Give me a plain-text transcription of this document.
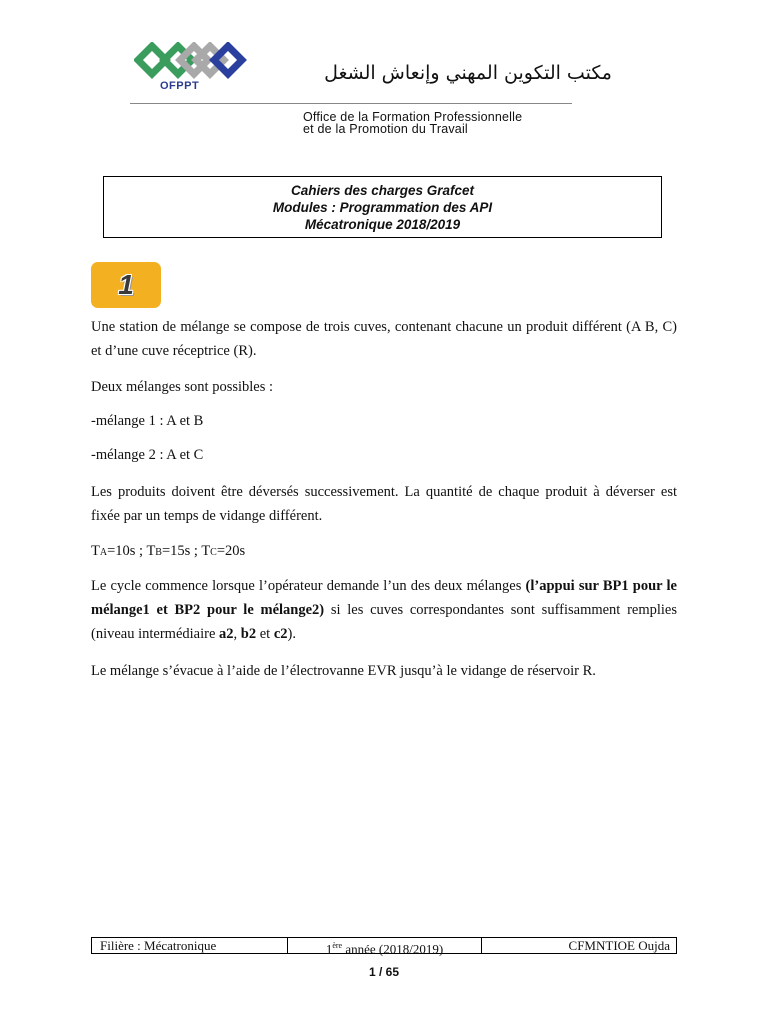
OFPPT
مكتب التكوين المهني وإنعاش الشغل
Office de la Formation Professionnelle
et de la Promotion du Travail
Cahiers des charges Grafcet
Modules : Programmation des API
Mécatronique 2018/2019
1
Une station de mélange se compose de trois cuves, contenant chacune un produit différent (A B, C) et d’une cuve réceptrice (R).
Deux mélanges sont possibles :
-mélange 1 : A et B
-mélange 2 : A et C
Les produits doivent être déversés successivement. La quantité de chaque produit à déverser est fixée par un temps de vidange différent.
TA=10s ; TB=15s ; TC=20s
Le cycle commence lorsque l’opérateur demande l’un des deux mélanges (l’appui sur BP1 pour le mélange1 et BP2 pour le mélange2) si les cuves correspondantes sont suffisamment remplies (niveau intermédiaire a2, b2 et c2).
Le mélange s’évacue à l’aide de l’électrovanne EVR jusqu’à le vidange de réservoir R.
Filière : Mécatronique	1ère année (2018/2019)	CFMNTIOE Oujda
1 / 65
